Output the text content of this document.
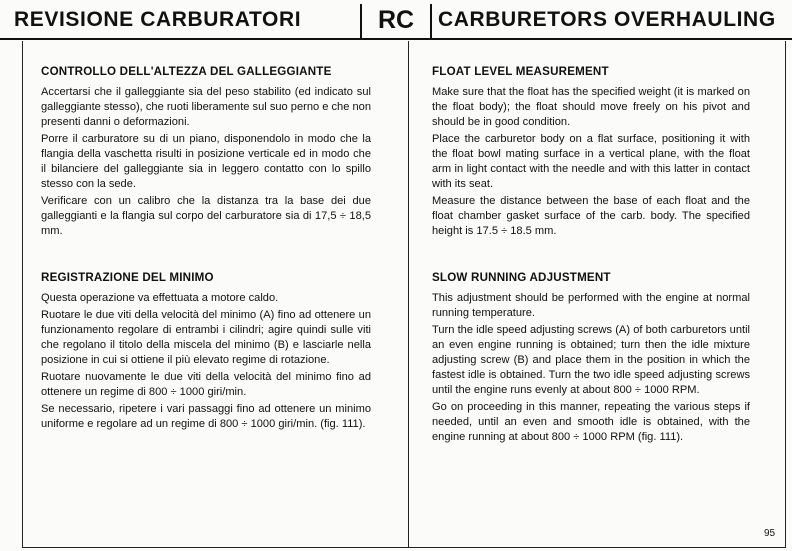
REVISIONE CARBURATORI	RC	CARBURETORS OVERHAULING
CONTROLLO DELL'ALTEZZA DEL GALLEGGIANTE

Accertarsi che il galleggiante sia del peso stabilito (ed indicato sul galleggiante stesso), che ruoti liberamente sul suo perno e che non presenti danni o deformazioni.

Porre il carburatore su di un piano, disponendolo in modo che la flangia della vaschetta risulti in posizione verticale ed in modo che il bilanciere del galleggiante sia in leggero contatto con lo spillo stesso con la sede.

Verificare con un calibro che la distanza tra la base dei due galleggianti e la flangia sul corpo del carburatore sia di 17,5 ÷ 18,5 mm.

REGISTRAZIONE DEL MINIMO

Questa operazione va effettuata a motore caldo.

Ruotare le due viti della velocità del minimo (A) fino ad ottenere un funzionamento regolare di entrambi i cilindri; agire quindi sulle viti che regolano il titolo della miscela del minimo (B) e lasciarle nella posizione in cui si ottiene il più elevato regime di rotazione.

Ruotare nuovamente le due viti della velocità del minimo fino ad ottenere un regime di 800 ÷ 1000 giri/min.

Se necessario, ripetere i vari passaggi fino ad ottenere un minimo uniforme e regolare ad un regime di 800 ÷ 1000 giri/min. (fig. 111).

FLOAT LEVEL MEASUREMENT

Make sure that the float has the specified weight (it is marked on the float body); the float should move freely on his pivot and should be in good condition.

Place the carburetor body on a flat surface, positioning it with the float bowl mating surface in a vertical plane, with the float arm in light contact with the needle and with this latter in contact with its seat.

Measure the distance between the base of each float and the float chamber gasket surface of the carb. body. The specified height is 17.5 ÷ 18.5 mm.

SLOW RUNNING ADJUSTMENT

This adjustment should be performed with the engine at normal running temperature.

Turn the idle speed adjusting screws (A) of both carburetors until an even engine running is obtained; turn then the idle mixture adjusting screw (B) and place them in the position in which the fastest idle is obtained. Turn the two idle speed adjusting screws until the engine runs evenly at about 800 ÷ 1000 RPM.

Go on proceeding in this manner, repeating the various steps if needed, until an even and smooth idle is obtained, with the engine running at about 800 ÷ 1000 RPM (fig. 111).

95
